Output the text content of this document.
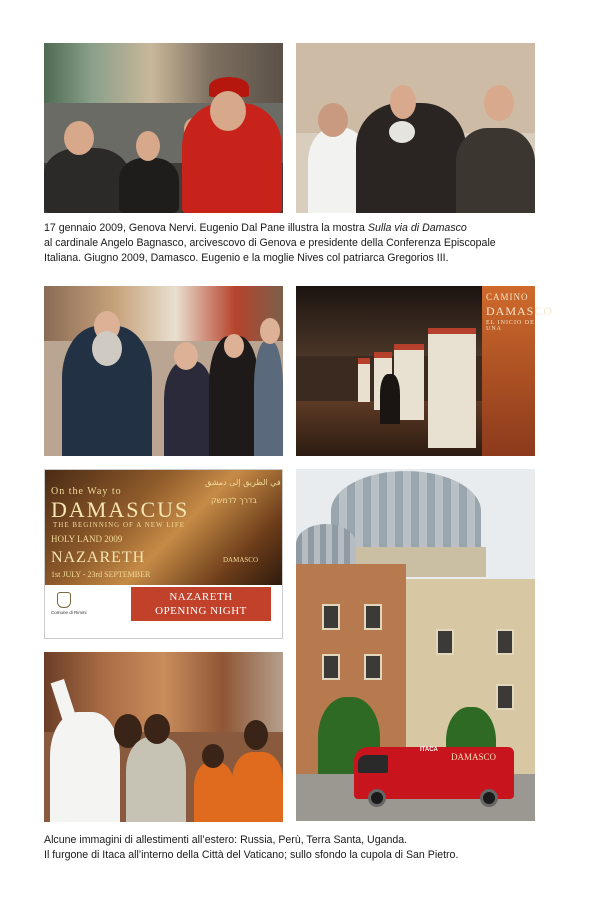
17 gennaio 2009, Genova Nervi. Eugenio Dal Pane illustra la mostra Sulla via di Damasco
al cardinale Angelo Bagnasco, arcivescovo di Genova e presidente della Conferenza Episcopale
Italiana. Giugno 2009, Damasco. Eugenio e la moglie Nives col patriarca Gregorios III.
CAMINO
DAMASCO
EL INICIO DE UNA
في الطريق إلى دمشق
בדרך לדמשק
On the Way to
DAMASCUS
THE BEGINNING OF A NEW LIFE
HOLY LAND 2009
NAZARETH
1st JULY - 23rd SEPTEMBER
DAMASCO
Comune di Rimini
NAZARETH
OPENING NIGHT
ITACA
DAMASCO
Alcune immagini di allestimenti all’estero: Russia, Perù, Terra Santa, Uganda.
Il furgone di Itaca all’interno della Città del Vaticano; sullo sfondo la cupola di San Pietro.
